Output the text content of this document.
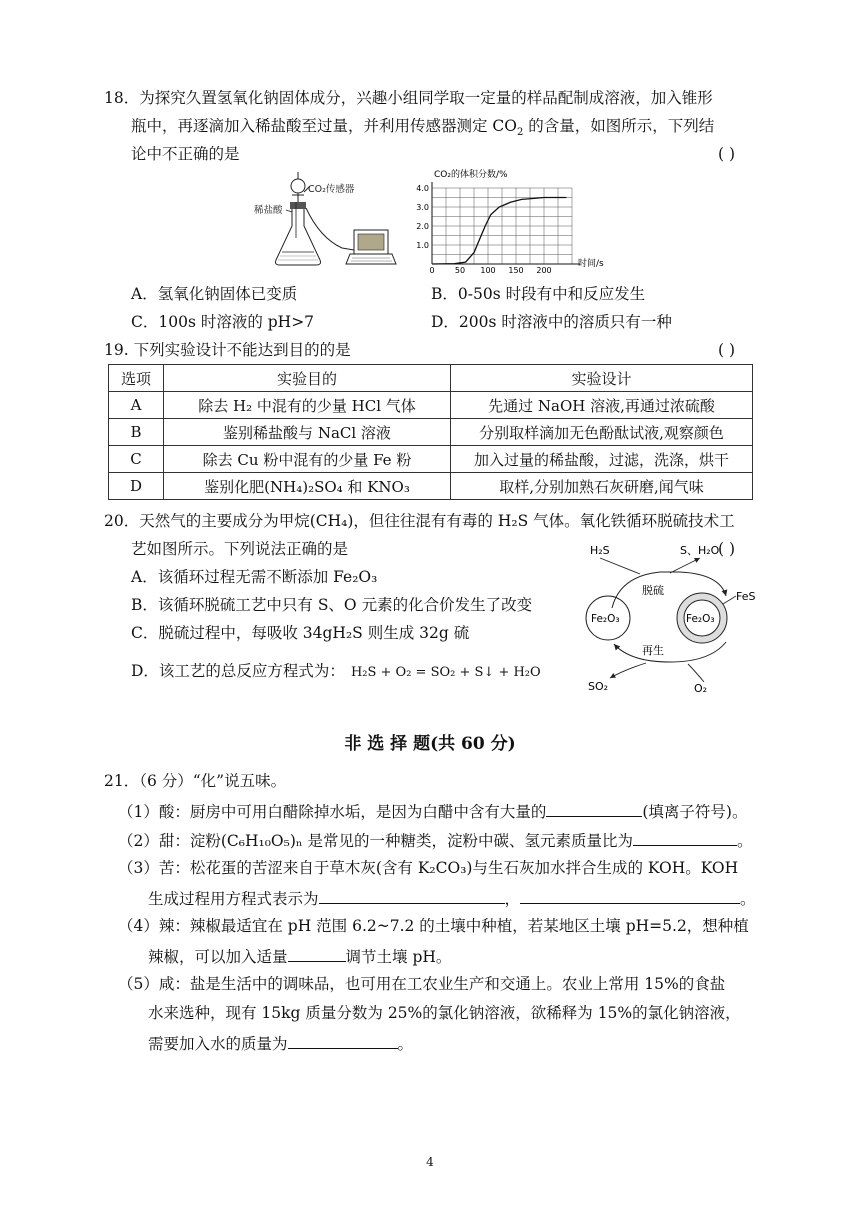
18．为探究久置氢氧化钠固体成分，兴趣小组同学取一定量的样品配制成溶液，加入锥形
瓶中，再逐滴加入稀盐酸至过量，并利用传感器测定 $CO_2$ 的含量，如图所示，下列结
论中不正确的是	( )
CO₂传感器
稀盐酸
0	50 100 150 200
1.0
2.0
3.0
4.0
CO₂的体积分数/%
时间/s
A．氢氧化钠固体已变质	B．0-50s 时段有中和反应发生
C．100s 时溶液的 pH>7	D．200s 时溶液中的溶质只有一种
19. 下列实验设计不能达到目的的是	( )
选项	实验目的	实验设计
A	除去 H₂ 中混有的少量 HCl 气体	先通过 NaOH 溶液,再通过浓硫酸
B	鉴别稀盐酸与 NaCl 溶液	分别取样滴加无色酚酞试液,观察颜色
C	除去 Cu 粉中混有的少量 Fe 粉	加入过量的稀盐酸，过滤，洗涤，烘干
D	鉴别化肥(NH₄)₂SO₄ 和 KNO₃	取样,分别加熟石灰研磨,闻气味
20．天然气的主要成分为甲烷(CH₄)，但往往混有有毒的 H₂S 气体。氧化铁循环脱硫技术工
艺如图所示。下列说法正确的是	( )
A．该循环过程无需不断添加 Fe₂O₃
B．该循环脱硫工艺中只有 S、O 元素的化合价发生了改变
C．脱硫过程中，每吸收 34gH₂S 则生成 32g 硫
D．该工艺的总反应方程式为： H₂S + O₂ = SO₂ + S↓ + H₂O
H₂S	S、H₂O
脱硫
Fe₂O₃	Fe₂O₃
FeS
再生
SO₂	O₂
非 选 择 题(共 60 分)
21．（6 分）“化”说五味。
（1）酸：厨房中可用白醋除掉水垢，是因为白醋中含有大量的	(填离子符号)。
（2）甜：淀粉(C₆H₁₀O₅)ₙ 是常见的一种糖类，淀粉中碳、氢元素质量比为	。
（3）苦：松花蛋的苦涩来自于草木灰(含有 K₂CO₃)与生石灰加水拌合生成的 KOH。KOH
生成过程用方程式表示为	，	。
（4）辣：辣椒最适宜在 pH 范围 6.2~7.2 的土壤中种植，若某地区土壤 pH=5.2，想种植
辣椒，可以加入适量	调节土壤 pH。
（5）咸：盐是生活中的调味品，也可用在工农业生产和交通上。农业上常用 15%的食盐
水来选种，现有 15kg 质量分数为 25%的氯化钠溶液，欲稀释为 15%的氯化钠溶液，
需要加入水的质量为	。
4
